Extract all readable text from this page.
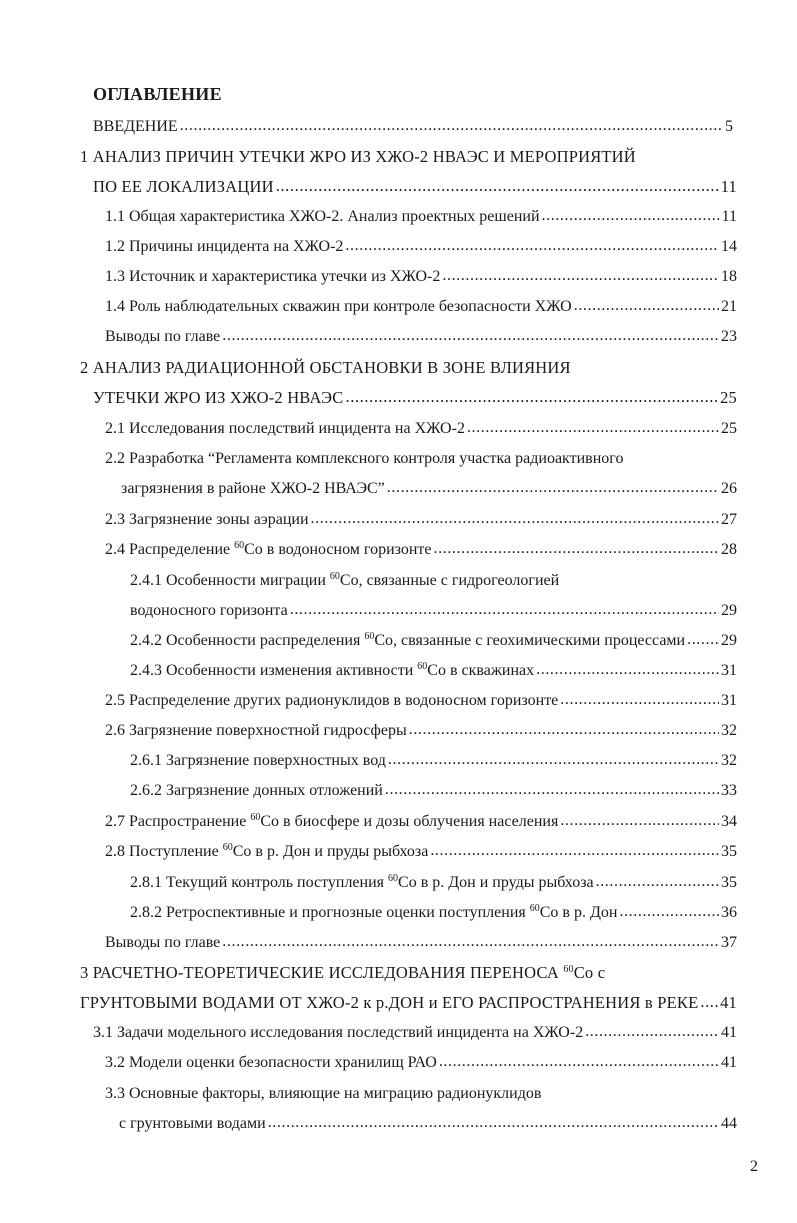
ОГЛАВЛЕНИЕ
ВВЕДЕНИЕ .....	5
1 АНАЛИЗ ПРИЧИН УТЕЧКИ ЖРО ИЗ ХЖО-2 НВАЭС И МЕРОПРИЯТИЙ
ПО ЕЕ ЛОКАЛИЗАЦИИ .....	11
1.1 Общая характеристика ХЖО-2. Анализ проектных решений .....	11
1.2 Причины инцидента на ХЖО-2 .....	14
1.3 Источник и характеристика утечки из ХЖО-2 .....	18
1.4 Роль наблюдательных скважин при контроле безопасности ХЖО .....	21
Выводы по главе .....	23
2 АНАЛИЗ РАДИАЦИОННОЙ ОБСТАНОВКИ В ЗОНЕ ВЛИЯНИЯ
УТЕЧКИ ЖРО ИЗ ХЖО-2 НВАЭС .....	25
2.1 Исследования последствий инцидента на ХЖО-2 .....	25
2.2 Разработка “Регламента комплексного контроля участка радиоактивного
загрязнения в районе ХЖО-2 НВАЭС” .....	26
2.3 Загрязнение зоны аэрации .....	27
2.4 Распределение $^{60}$Со в водоносном горизонте .....	28
2.4.1 Особенности миграции $^{60}$Со, связанные с гидрогеологией
водоносного горизонта .....	29
2.4.2 Особенности распределения $^{60}$Со, связанные с геохимическими процессами ..... 29
2.4.3 Особенности изменения активности $^{60}$Со в скважинах .....	31
2.5 Распределение других радионуклидов в водоносном горизонте .....	31
2.6 Загрязнение поверхностной гидросферы .....	32
2.6.1 Загрязнение поверхностных вод .....	32
2.6.2 Загрязнение донных отложений .....	33
2.7 Распространение $^{60}$Со в биосфере и дозы облучения населения .....	34
2.8 Поступление $^{60}$Со в р. Дон и пруды рыбхоза .....	35
2.8.1 Текущий контроль поступления $^{60}$Со в р. Дон и пруды рыбхоза .....	35
2.8.2 Ретроспективные и прогнозные оценки поступления $^{60}$Со в р. Дон .....	36
Выводы по главе .....	37
3 РАСЧЕТНО-ТЕОРЕТИЧЕСКИЕ ИССЛЕДОВАНИЯ ПЕРЕНОСА $^{60}$Со с
ГРУНТОВЫМИ ВОДАМИ ОТ ХЖО-2 к р.ДОН и ЕГО РАСПРОСТРАНЕНИЯ в РЕКЕ ..... 41
3.1 Задачи модельного исследования последствий инцидента на ХЖО-2 .....	41
3.2 Модели оценки безопасности хранилищ РАО .....	41
3.3 Основные факторы, влияющие на миграцию радионуклидов
с грунтовыми водами .....	44
2
